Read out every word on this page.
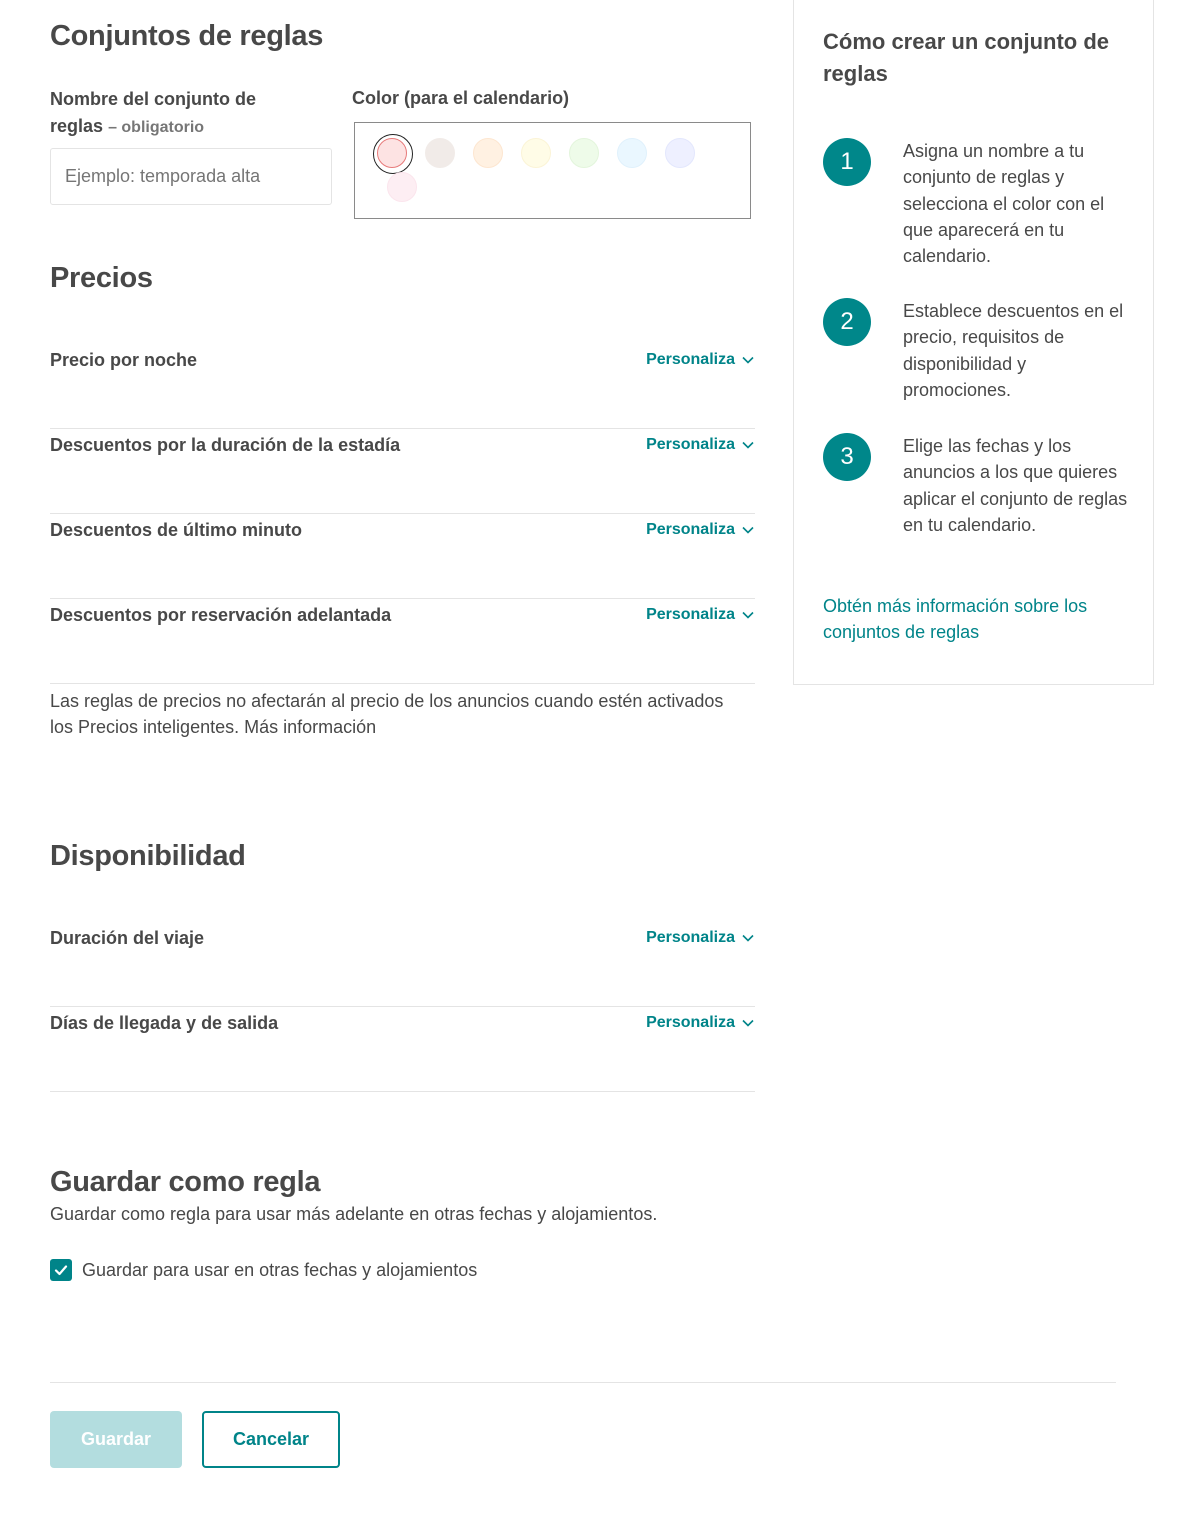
Conjuntos de reglas
Nombre del conjunto de reglas – obligatorio
Ejemplo: temporada alta
Color (para el calendario)
Precios
Precio por noche	Personaliza
Descuentos por la duración de la estadía	Personaliza
Descuentos de último minuto	Personaliza
Descuentos por reservación adelantada	Personaliza

Las reglas de precios no afectarán al precio de los anuncios cuando estén activados los Precios inteligentes. Más información

Disponibilidad
Duración del viaje	Personaliza
Días de llegada y de salida	Personaliza
Guardar como regla

Guardar como regla para usar más adelante en otras fechas y alojamientos.

Guardar para usar en otras fechas y alojamientos
Guardar	Cancelar
Cómo crear un conjunto de reglas
1	Asigna un nombre a tu conjunto de reglas y selecciona el color con el que aparecerá en tu calendario.
2	Establece descuentos en el precio, requisitos de disponibilidad y promociones.
3	Elige las fechas y los anuncios a los que quieres aplicar el conjunto de reglas en tu calendario.
Obtén más información sobre los conjuntos de reglas
